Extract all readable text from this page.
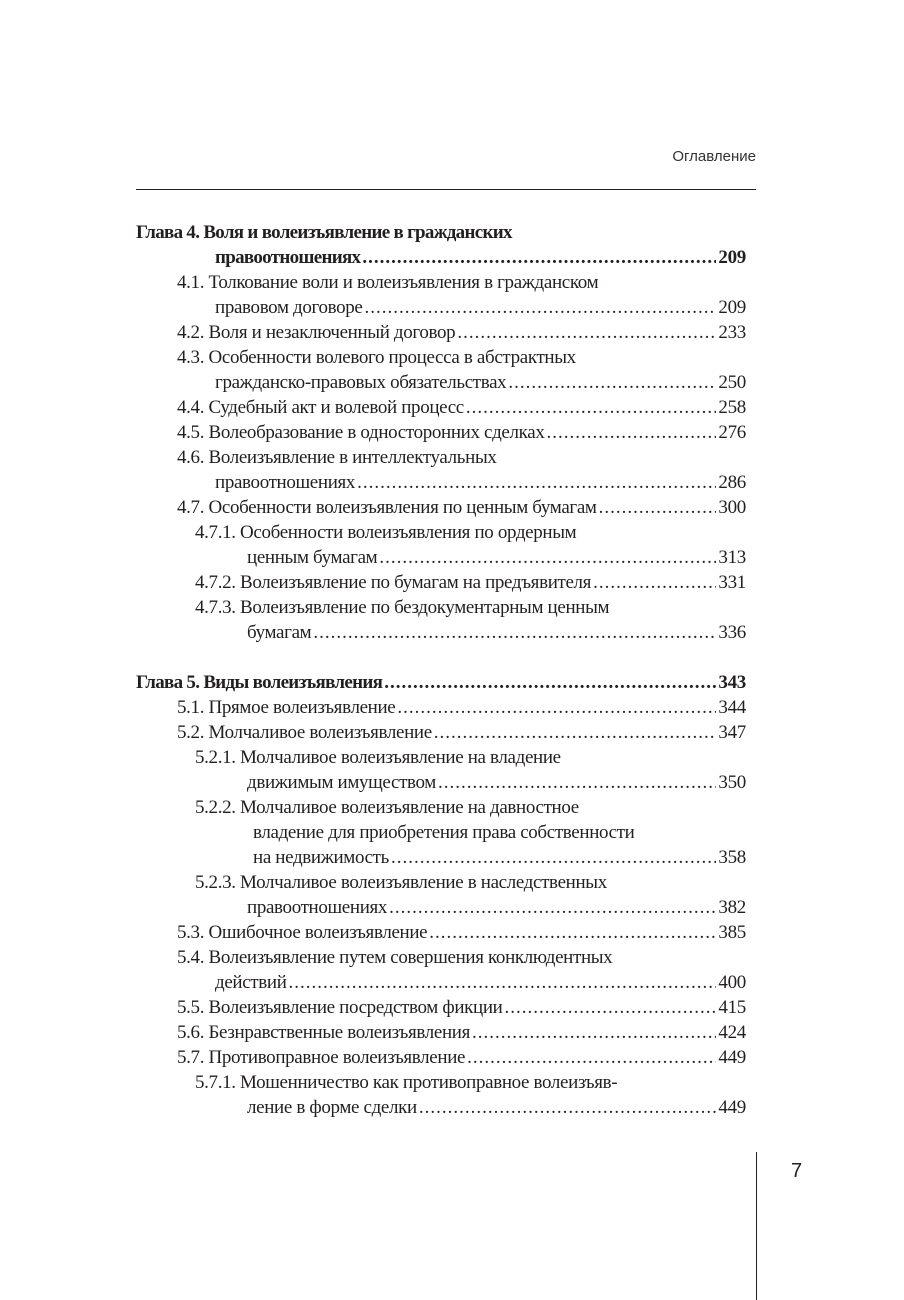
Оглавление
Глава 4. Воля и волеизъявление в гражданских
правоотношениях .....	209
4.1. Толкование воли и волеизъявления в гражданском
правовом договоре .....	209
4.2. Воля и незаключенный договор .....	233
4.3. Особенности волевого процесса в абстрактных
гражданско-правовых обязательствах .....	250
4.4. Судебный акт и волевой процесс .....	258
4.5. Волеобразование в односторонних сделках .....	276
4.6. Волеизъявление в интеллектуальных
правоотношениях .....	286
4.7. Особенности волеизъявления по ценным бумагам .....	300
4.7.1. Особенности волеизъявления по ордерным
ценным бумагам .....	313
4.7.2. Волеизъявление по бумагам на предъявителя .....	331
4.7.3. Волеизъявление по бездокументарным ценным
бумагам .....	336
Глава 5. Виды волеизъявления .....	343
5.1. Прямое волеизъявление .....	344
5.2. Молчаливое волеизъявление .....	347
5.2.1. Молчаливое волеизъявление на владение
движимым имуществом .....	350
5.2.2. Молчаливое волеизъявление на давностное
владение для приобретения права собственности
на недвижимость .....	358
5.2.3. Молчаливое волеизъявление в наследственных
правоотношениях .....	382
5.3. Ошибочное волеизъявление .....	385
5.4. Волеизъявление путем совершения конклюдентных
действий .....	400
5.5. Волеизъявление посредством фикции .....	415
5.6. Безнравственные волеизъявления .....	424
5.7. Противоправное волеизъявление .....	449
5.7.1. Мошенничество как противоправное волеизъяв-
ление в форме сделки .....	449
7
